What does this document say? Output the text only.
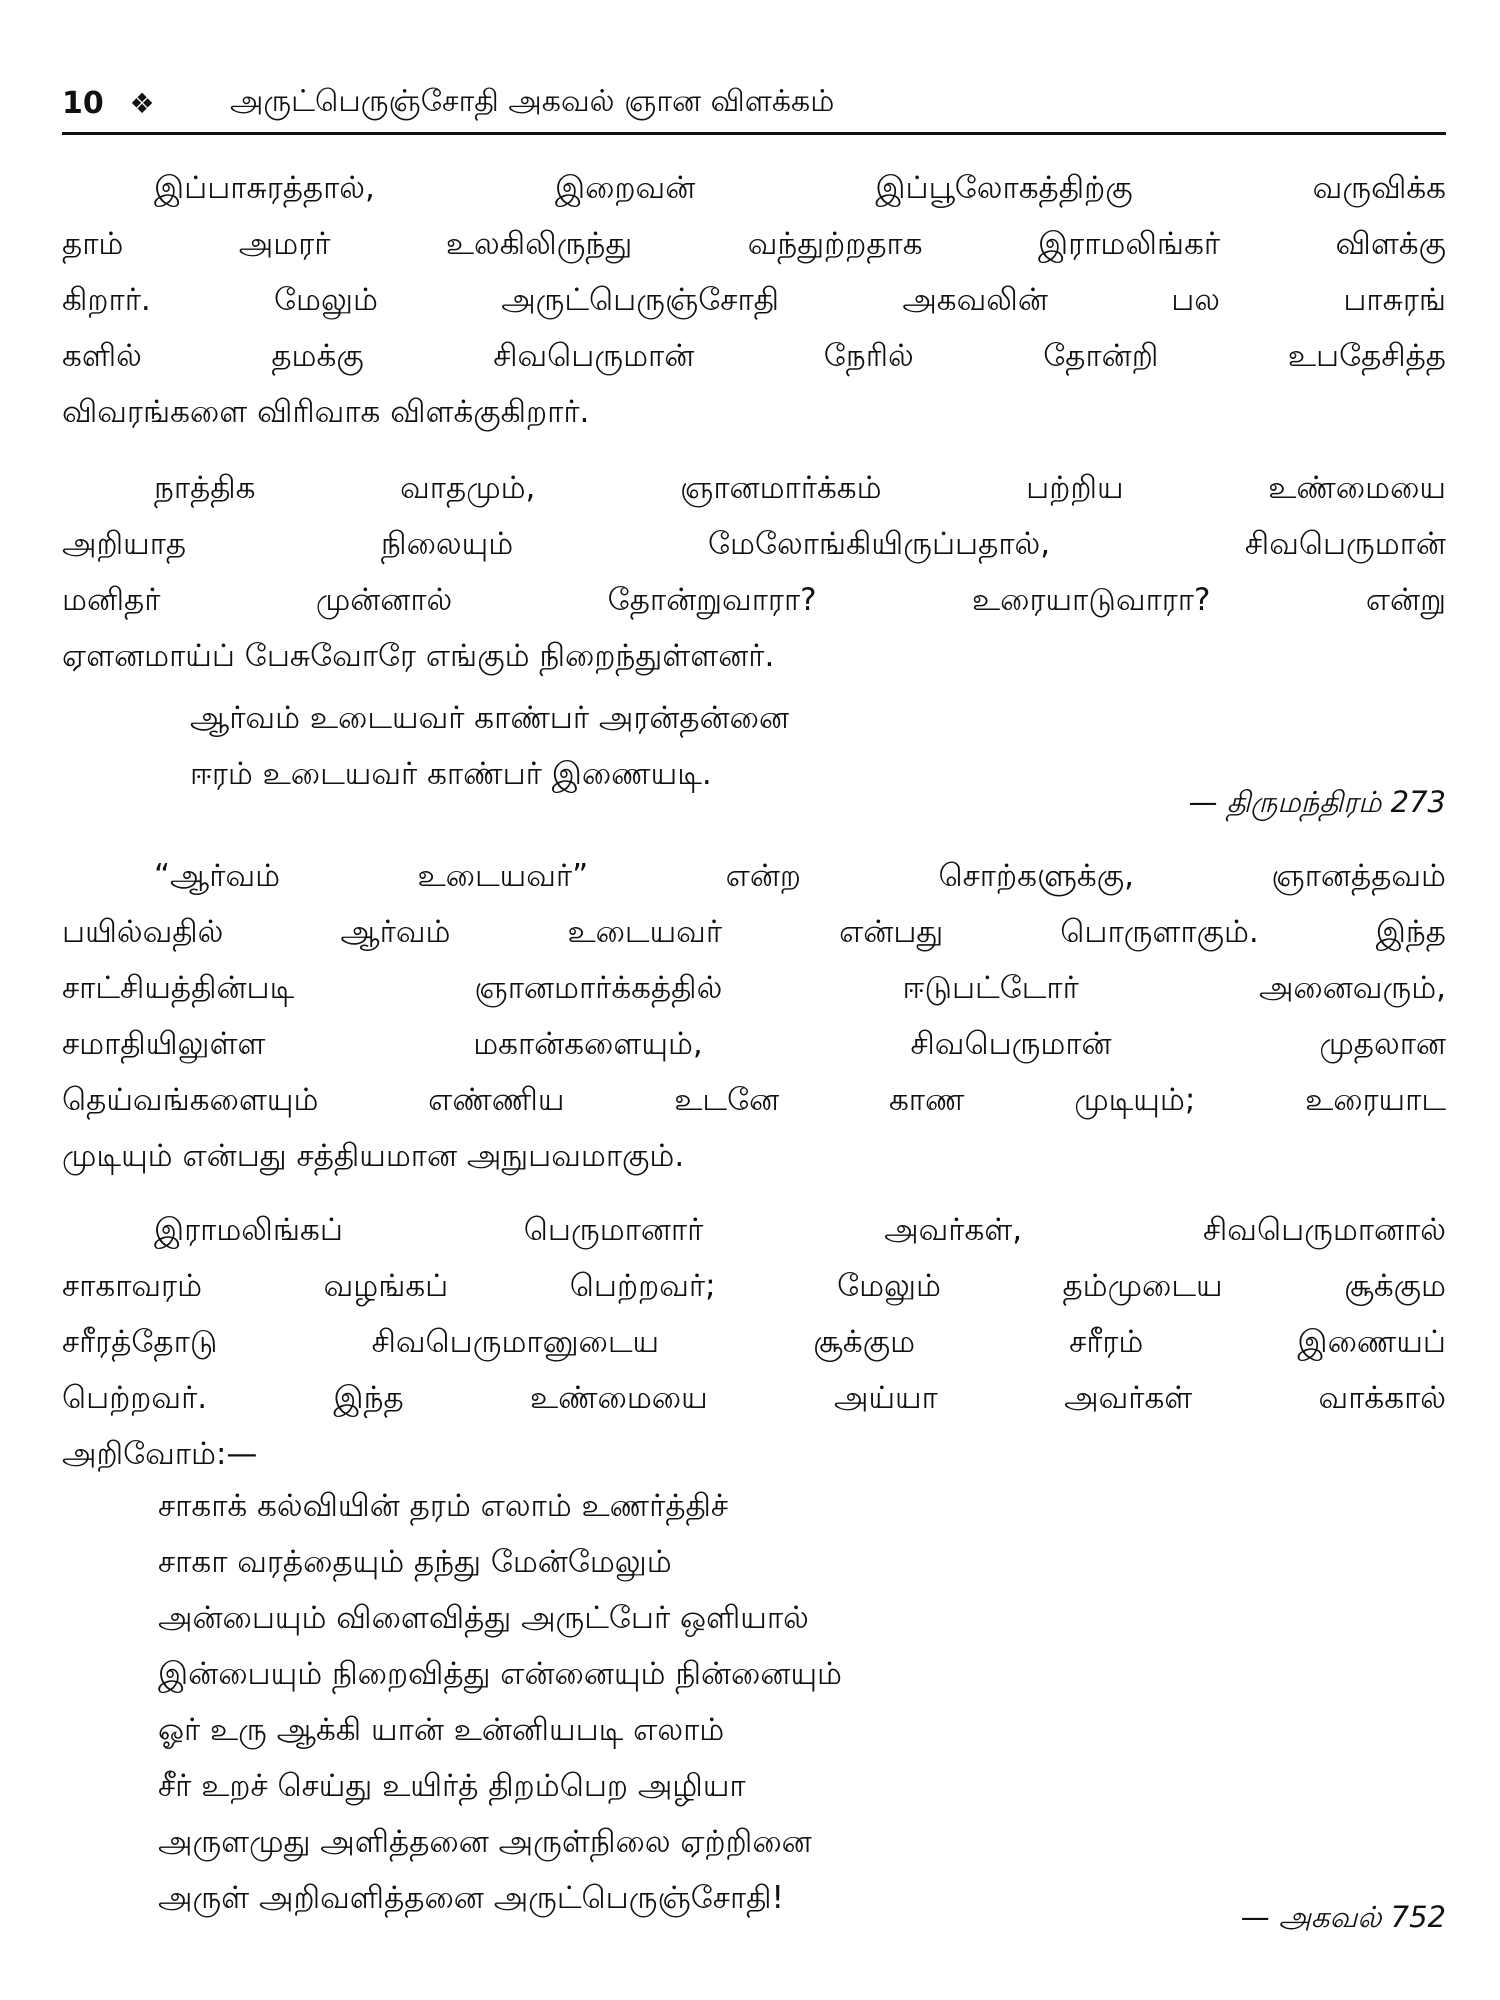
10 ❖	அருட்பெருஞ்சோதி அகவல் ஞான விளக்கம்
இப்பாசுரத்தால், இறைவன் இப்பூலோகத்திற்கு வருவிக்க
தாம் அமரர் உலகிலிருந்து வந்துற்றதாக இராமலிங்கர் விளக்கு
கிறார். மேலும் அருட்பெருஞ்சோதி அகவலின் பல பாசுரங்
களில் தமக்கு சிவபெருமான் நேரில் தோன்றி உபதேசித்த
விவரங்களை விரிவாக விளக்குகிறார்.
நாத்திக வாதமும், ஞானமார்க்கம் பற்றிய உண்மையை
அறியாத நிலையும் மேலோங்கியிருப்பதால், சிவபெருமான்
மனிதர் முன்னால் தோன்றுவாரா? உரையாடுவாரா? என்று
ஏளனமாய்ப் பேசுவோரே எங்கும் நிறைந்துள்ளனர்.
ஆர்வம் உடையவர் காண்பர் அரன்தன்னை
ஈரம் உடையவர் காண்பர் இணையடி.
— திருமந்திரம் 273
“ஆர்வம் உடையவர்” என்ற சொற்களுக்கு, ஞானத்தவம்
பயில்வதில் ஆர்வம் உடையவர் என்பது பொருளாகும். இந்த
சாட்சியத்தின்படி ஞானமார்க்கத்தில் ஈடுபட்டோர் அனைவரும்,
சமாதியிலுள்ள மகான்களையும், சிவபெருமான் முதலான
தெய்வங்களையும் எண்ணிய உடனே காண முடியும்; உரையாட
முடியும் என்பது சத்தியமான அநுபவமாகும்.
இராமலிங்கப் பெருமானார் அவர்கள், சிவபெருமானால்
சாகாவரம் வழங்கப் பெற்றவர்; மேலும் தம்முடைய சூக்கும
சரீரத்தோடு சிவபெருமானுடைய சூக்கும சரீரம் இணையப்
பெற்றவர். இந்த உண்மையை அய்யா அவர்கள் வாக்கால்
அறிவோம்:—
சாகாக் கல்வியின் தரம் எலாம் உணர்த்திச்
சாகா வரத்தையும் தந்து மேன்மேலும்
அன்பையும் விளைவித்து அருட்பேர் ஒளியால்
இன்பையும் நிறைவித்து என்னையும் நின்னையும்
ஓர் உரு ஆக்கி யான் உன்னியபடி எலாம்
சீர் உறச் செய்து உயிர்த் திறம்பெற அழியா
அருளமுது அளித்தனை அருள்நிலை ஏற்றினை
அருள் அறிவளித்தனை அருட்பெருஞ்சோதி!
— அகவல் 752
